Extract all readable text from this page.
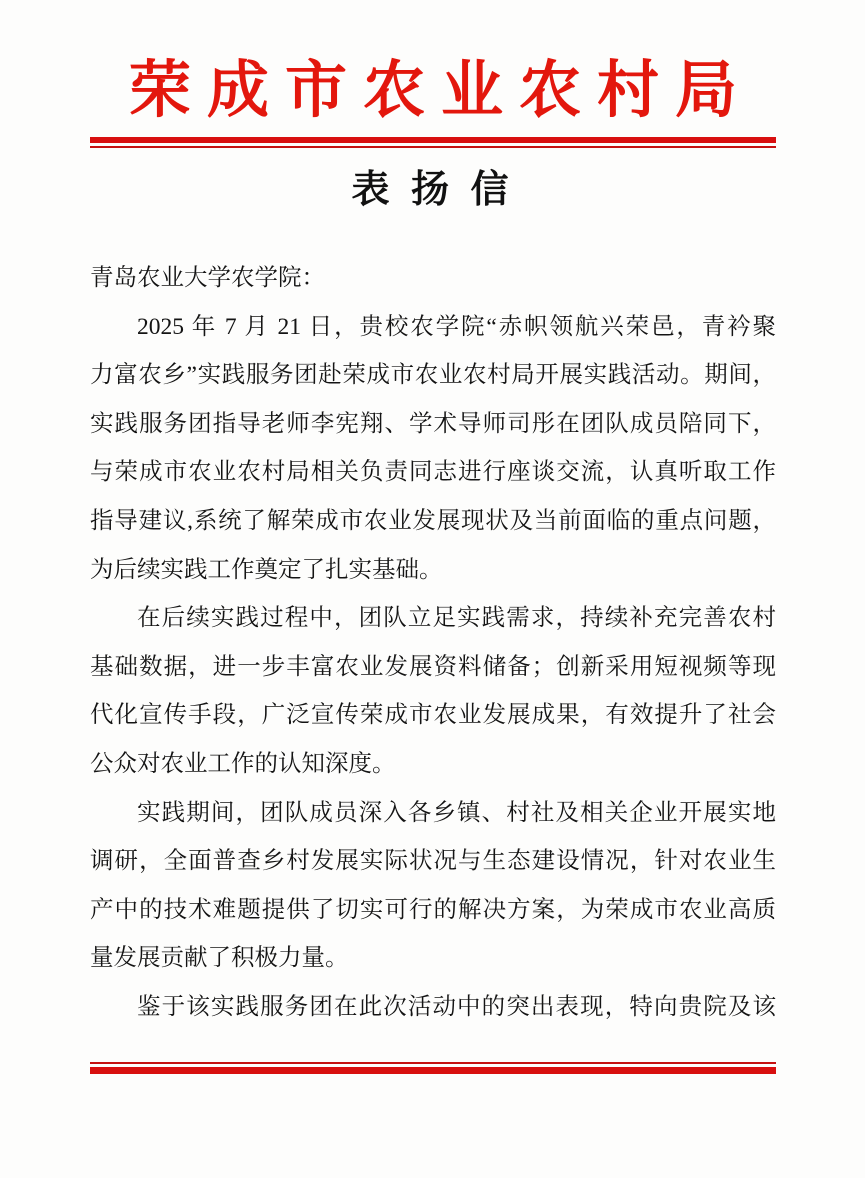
荣成市农业农村局
表 扬 信
青岛农业大学农学院：
2025 年 7 月 21 日，贵校农学院“赤帜领航兴荣邑，青衿聚
力富农乡”实践服务团赴荣成市农业农村局开展实践活动。期间，
实践服务团指导老师李宪翔、学术导师司彤在团队成员陪同下，
与荣成市农业农村局相关负责同志进行座谈交流，认真听取工作
指导建议,系统了解荣成市农业发展现状及当前面临的重点问题，
为后续实践工作奠定了扎实基础。
在后续实践过程中，团队立足实践需求，持续补充完善农村
基础数据，进一步丰富农业发展资料储备；创新采用短视频等现
代化宣传手段，广泛宣传荣成市农业发展成果，有效提升了社会
公众对农业工作的认知深度。
实践期间，团队成员深入各乡镇、村社及相关企业开展实地
调研，全面普查乡村发展实际状况与生态建设情况，针对农业生
产中的技术难题提供了切实可行的解决方案，为荣成市农业高质
量发展贡献了积极力量。
鉴于该实践服务团在此次活动中的突出表现，特向贵院及该
